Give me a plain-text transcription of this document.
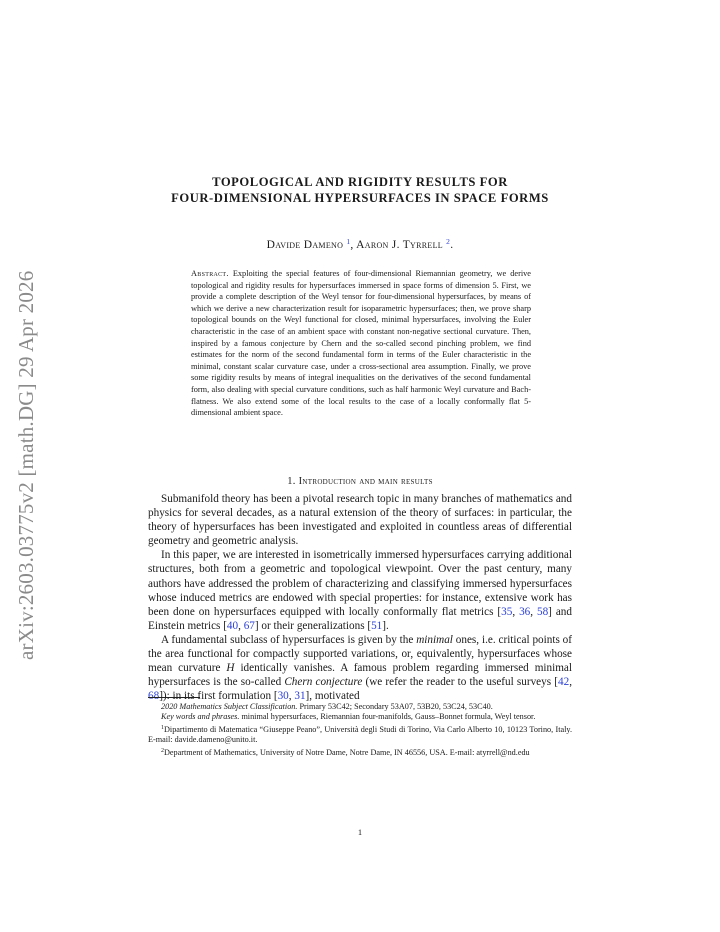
arXiv:2603.03775v2 [math.DG] 29 Apr 2026
TOPOLOGICAL AND RIGIDITY RESULTS FOR
FOUR-DIMENSIONAL HYPERSURFACES IN SPACE FORMS
Davide Dameno $^1$, Aaron J. Tyrrell $^2$.
Abstract. Exploiting the special features of four-dimensional Riemannian geometry, we derive topological and rigidity results for hypersurfaces immersed in space forms of dimension 5. First, we provide a complete description of the Weyl tensor for four-dimensional hypersurfaces, by means of which we derive a new characterization result for isoparametric hypersurfaces; then, we prove sharp topological bounds on the Weyl functional for closed, minimal hypersurfaces, involving the Euler characteristic in the case of an ambient space with constant non-negative sectional curvature. Then, inspired by a famous conjecture by Chern and the so-called second pinching problem, we find estimates for the norm of the second fundamental form in terms of the Euler characteristic in the minimal, constant scalar curvature case, under a cross-sectional area assumption. Finally, we prove some rigidity results by means of integral inequalities on the derivatives of the second fundamental form, also dealing with special curvature conditions, such as half harmonic Weyl curvature and Bach-flatness. We also extend some of the local results to the case of a locally conformally flat 5-dimensional ambient space.
1. Introduction and main results

Submanifold theory has been a pivotal research topic in many branches of mathematics and physics for several decades, as a natural extension of the theory of surfaces: in particular, the theory of hypersurfaces has been investigated and exploited in countless areas of differential geometry and geometric analysis.

In this paper, we are interested in isometrically immersed hypersurfaces carrying additional structures, both from a geometric and topological viewpoint. Over the past century, many authors have addressed the problem of characterizing and classifying immersed hypersurfaces whose induced metrics are endowed with special properties: for instance, extensive work has been done on hypersurfaces equipped with locally conformally flat metrics [35, 36, 58] and Einstein metrics [40, 67] or their generalizations [51].

A fundamental subclass of hypersurfaces is given by the minimal ones, i.e. critical points of the area functional for compactly supported variations, or, equivalently, hypersurfaces whose mean curvature H identically vanishes. A famous problem regarding immersed minimal hypersurfaces is the so-called Chern conjecture (we refer the reader to the useful surveys [42, 68]): in its first formulation [30, 31], motivated

2020 Mathematics Subject Classification. Primary 53C42; Secondary 53A07, 53B20, 53C24, 53C40.

Key words and phrases. minimal hypersurfaces, Riemannian four-manifolds, Gauss–Bonnet formula, Weyl tensor.

$^1$Dipartimento di Matematica “Giuseppe Peano”, Università degli Studi di Torino, Via Carlo Alberto 10, 10123 Torino, Italy. E-mail: davide.dameno@unito.it.

$^2$Department of Mathematics, University of Notre Dame, Notre Dame, IN 46556, USA. E-mail: atyrrell@nd.edu

1
